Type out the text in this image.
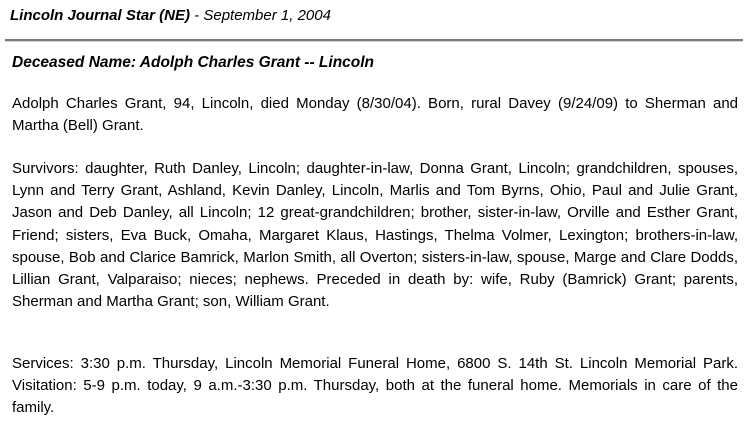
Lincoln Journal Star (NE) - September 1, 2004
Deceased Name: Adolph Charles Grant -- Lincoln

Adolph Charles Grant, 94, Lincoln, died Monday (8/30/04). Born, rural Davey (9/24/09) to Sherman and Martha (Bell) Grant.

Survivors: daughter, Ruth Danley, Lincoln; daughter-in-law, Donna Grant, Lincoln; grandchildren, spouses, Lynn and Terry Grant, Ashland, Kevin Danley, Lincoln, Marlis and Tom Byrns, Ohio, Paul and Julie Grant, Jason and Deb Danley, all Lincoln; 12 great-grandchildren; brother, sister-in-law, Orville and Esther Grant, Friend; sisters, Eva Buck, Omaha, Margaret Klaus, Hastings, Thelma Volmer, Lexington; brothers-in-law, spouse, Bob and Clarice Bamrick, Marlon Smith, all Overton; sisters-in-law, spouse, Marge and Clare Dodds, Lillian Grant, Valparaiso; nieces; nephews. Preceded in death by: wife, Ruby (Bamrick) Grant; parents, Sherman and Martha Grant; son, William Grant.

Services: 3:30 p.m. Thursday, Lincoln Memorial Funeral Home, 6800 S. 14th St. Lincoln Memorial Park. Visitation: 5-9 p.m. today, 9 a.m.-3:30 p.m. Thursday, both at the funeral home. Memorials in care of the family.
